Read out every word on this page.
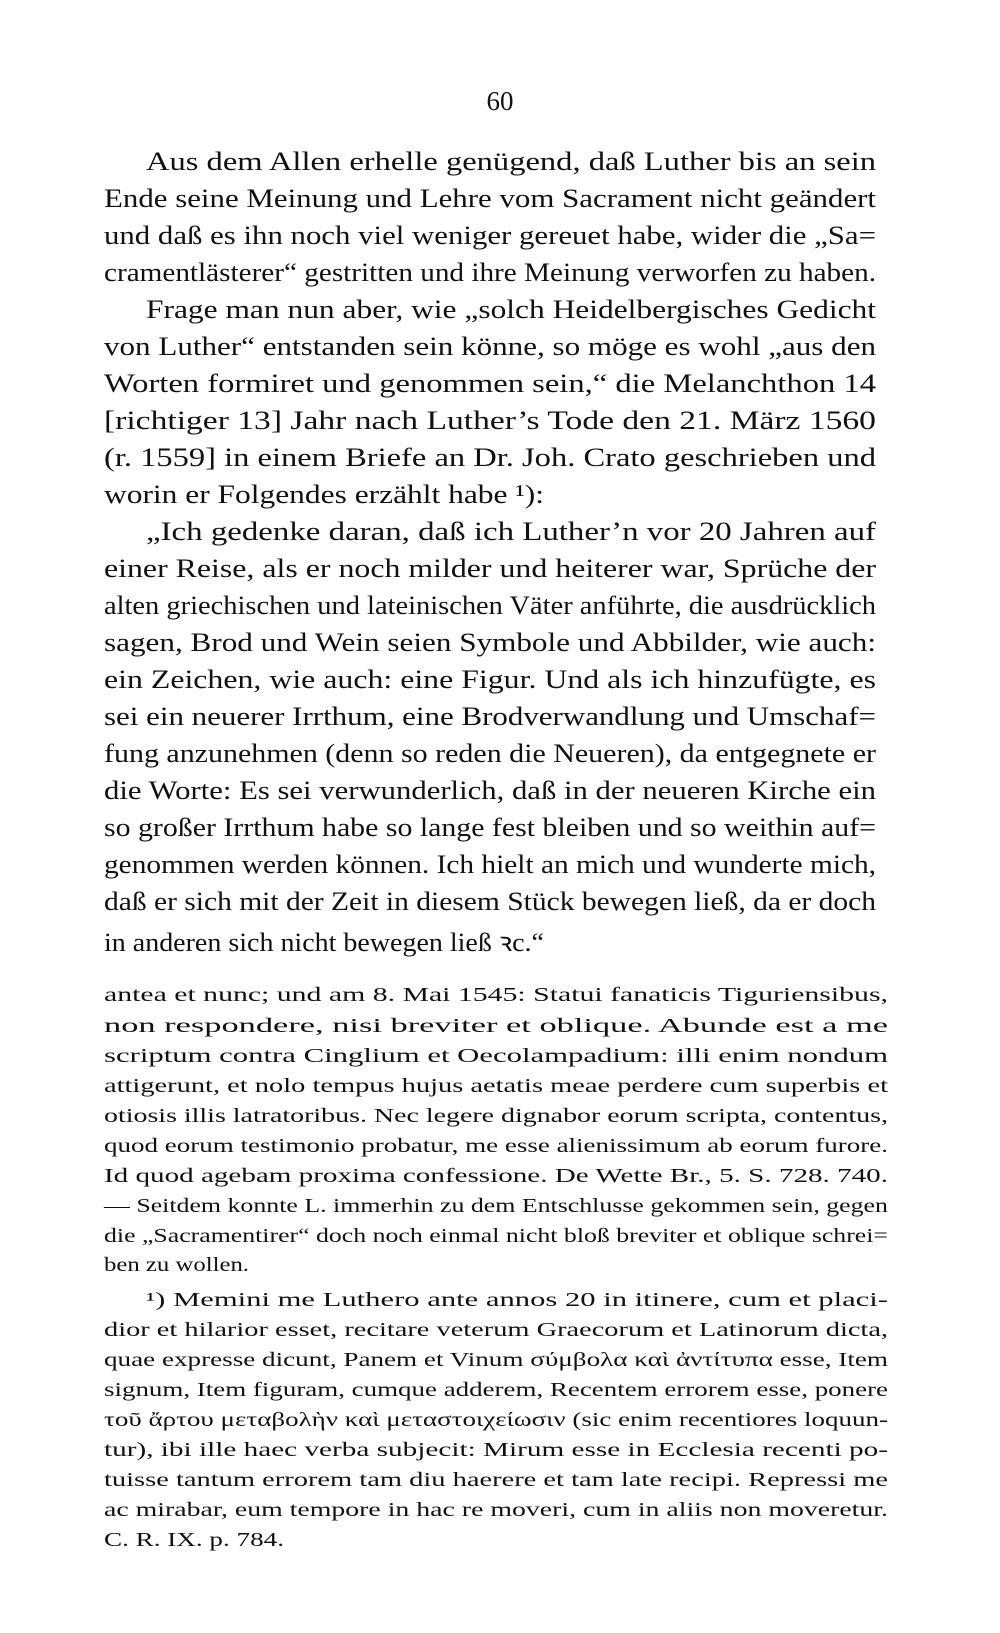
60
Aus dem Allen erhelle genügend, daß Luther bis an sein
Ende seine Meinung und Lehre vom Sacrament nicht geändert
und daß es ihn noch viel weniger gereuet habe, wider die „Sa=
cramentlästerer“ gestritten und ihre Meinung verworfen zu haben.
Frage man nun aber, wie „solch Heidelbergisches Gedicht
von Luther“ entstanden sein könne, so möge es wohl „aus den
Worten formiret und genommen sein,“ die Melanchthon 14
[richtiger 13] Jahr nach Luther’s Tode den 21. März 1560
(r. 1559] in einem Briefe an Dr. Joh. Crato geschrieben und
worin er Folgendes erzählt habe ¹):
„Ich gedenke daran, daß ich Luther’n vor 20 Jahren auf
einer Reise, als er noch milder und heiterer war, Sprüche der
alten griechischen und lateinischen Väter anführte, die ausdrücklich
sagen, Brod und Wein seien Symbole und Abbilder, wie auch:
ein Zeichen, wie auch: eine Figur. Und als ich hinzufügte, es
sei ein neuerer Irrthum, eine Brodverwandlung und Umschaf=
fung anzunehmen (denn so reden die Neueren), da entgegnete er
die Worte: Es sei verwunderlich, daß in der neueren Kirche ein
so großer Irrthum habe so lange fest bleiben und so weithin auf=
genommen werden können. Ich hielt an mich und wunderte mich,
daß er sich mit der Zeit in diesem Stück bewegen ließ, da er doch
in anderen sich nicht bewegen ließ ꝛc.“
antea et nunc; und am 8. Mai 1545: Statui fanaticis Tiguriensibus,
non respondere, nisi breviter et oblique. Abunde est a me
scriptum contra Cinglium et Oecolampadium: illi enim nondum
attigerunt, et nolo tempus hujus aetatis meae perdere cum superbis et
otiosis illis latratoribus. Nec legere dignabor eorum scripta, contentus,
quod eorum testimonio probatur, me esse alienissimum ab eorum furore.
Id quod agebam proxima confessione. De Wette Br., 5. S. 728. 740.
— Seitdem konnte L. immerhin zu dem Entschlusse gekommen sein, gegen
die „Sacramentirer“ doch noch einmal nicht bloß breviter et oblique schrei=
ben zu wollen.
¹) Memini me Luthero ante annos 20 in itinere, cum et placi-
dior et hilarior esset, recitare veterum Graecorum et Latinorum dicta,
quae expresse dicunt, Panem et Vinum σύμβολα καὶ ἀντίτυπα esse, Item
signum, Item figuram, cumque adderem, Recentem errorem esse, ponere
τοῦ ἄρτου μεταβολὴν καὶ μεταστοιχείωσιν (sic enim recentiores loquun-
tur), ibi ille haec verba subjecit: Mirum esse in Ecclesia recenti po-
tuisse tantum errorem tam diu haerere et tam late recipi. Repressi me
ac mirabar, eum tempore in hac re moveri, cum in aliis non moveretur.
C. R. IX. p. 784.
